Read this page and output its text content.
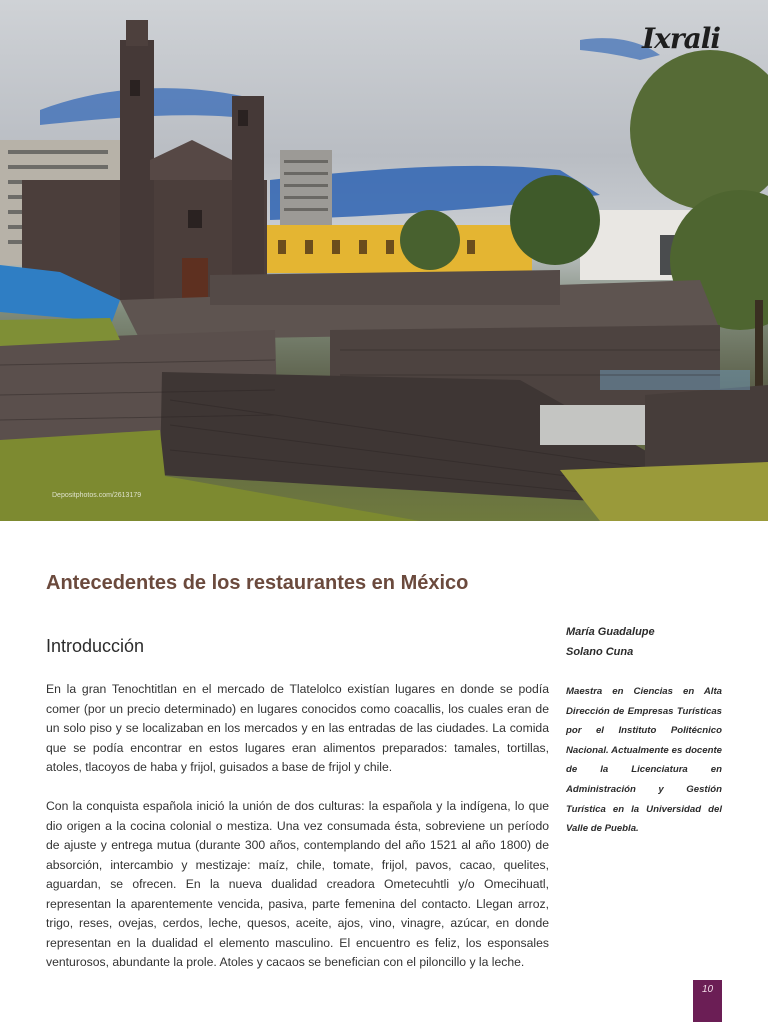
Ixrali
Depositphotos.com/2613179
Antecedentes de los restaurantes en México
Introducción

En la gran Tenochtitlan en el mercado de Tlatelolco existían lugares en donde se podía comer (por un precio determinado) en lugares conocidos como coacallis, los cuales eran de un solo piso y se localizaban en los mercados y en las entradas de las ciudades. La comida que se podía encontrar en estos lugares eran alimentos preparados: tamales, tortillas, atoles, tlacoyos de haba y frijol, guisados a base de frijol y chile.

Con la conquista española inició la unión de dos culturas: la española y la indígena, lo que dio origen a la cocina colonial o mestiza. Una vez consumada ésta, sobreviene un período de ajuste y entrega mutua (durante 300 años, contemplando del año 1521 al año 1800) de absorción, intercambio y mestizaje: maíz, chile, tomate, frijol, pavos, cacao, quelites, aguardan, se ofrecen. En la nueva dualidad creadora Ometecuhtli y/o Omecihuatl, representan la aparentemente vencida, pasiva, parte femenina del contacto. Llegan arroz, trigo, reses, ovejas, cerdos, leche, quesos, aceite, ajos, vino, vinagre, azúcar, en donde representan en la dualidad el elemento masculino. El encuentro es feliz, los esponsales venturosos, abundante la prole. Atoles y cacaos se benefician con el piloncillo y la leche.

María Guadalupe
Solano Cuna
Maestra en Ciencias en Alta Dirección de Empresas Turísticas por el Instituto Politécnico Nacional. Actualmente es docente de la Licenciatura en Administración y Gestión Turística en la Universidad del Valle de Puebla.
10
